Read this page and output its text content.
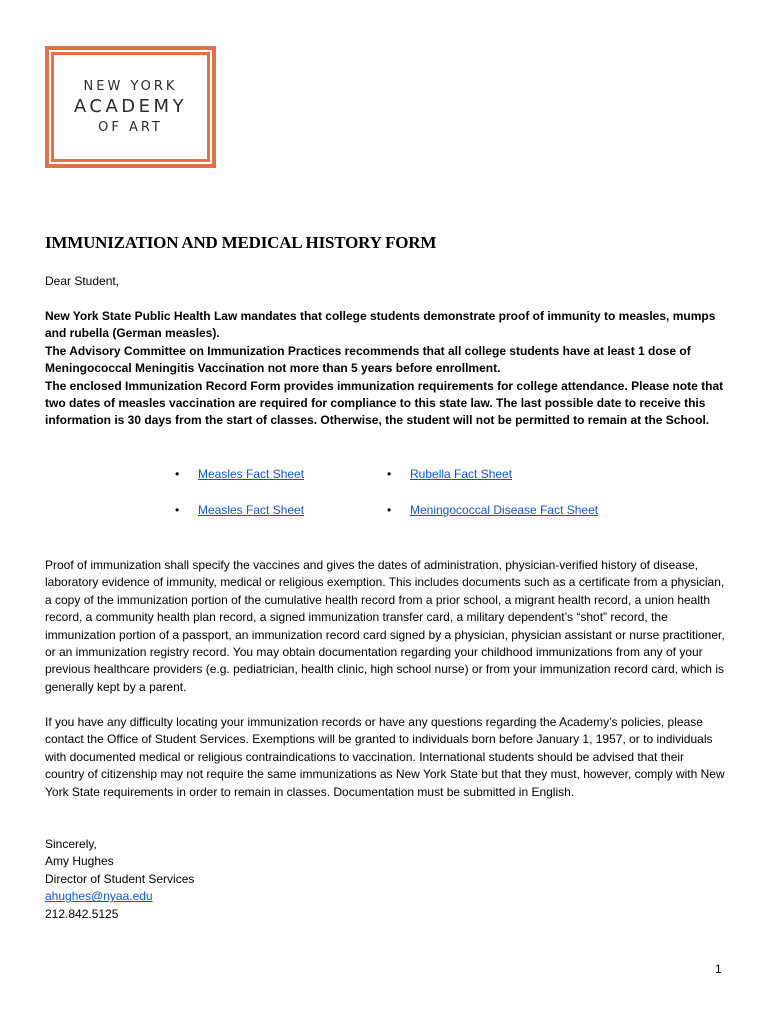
NEW YORK
ACADEMY
OF ART
IMMUNIZATION AND MEDICAL HISTORY FORM

Dear Student,

New York State Public Health Law mandates that college students demonstrate proof of immunity to measles, mumps and rubella (German measles).
The Advisory Committee on Immunization Practices recommends that all college students have at least 1 dose of Meningococcal Meningitis Vaccination not more than 5 years before enrollment.
The enclosed Immunization Record Form provides immunization requirements for college attendance. Please note that two dates of measles vaccination are required for compliance to this state law. The last possible date to receive this information is 30 days from the start of classes. Otherwise, the student will not be permitted to remain at the School.
• Measles Fact Sheet	• Rubella Fact Sheet
• Measles Fact Sheet	• Meningococcal Disease Fact Sheet

Proof of immunization shall specify the vaccines and gives the dates of administration, physician-verified history of disease, laboratory evidence of immunity, medical or religious exemption. This includes documents such as a certificate from a physician, a copy of the immunization portion of the cumulative health record from a prior school, a migrant health record, a union health record, a community health plan record, a signed immunization transfer card, a military dependent’s “shot” record, the immunization portion of a passport, an immunization record card signed by a physician, physician assistant or nurse practitioner, or an immunization registry record. You may obtain documentation regarding your childhood immunizations from any of your previous healthcare providers (e.g. pediatrician, health clinic, high school nurse) or from your immunization record card, which is generally kept by a parent.

If you have any difficulty locating your immunization records or have any questions regarding the Academy’s policies, please contact the Office of Student Services. Exemptions will be granted to individuals born before January 1, 1957, or to individuals with documented medical or religious contraindications to vaccination. International students should be advised that their country of citizenship may not require the same immunizations as New York State but that they must, however, comply with New York State requirements in order to remain in classes. Documentation must be submitted in English.

Sincerely,
Amy Hughes
Director of Student Services
ahughes@nyaa.edu
212.842.5125
1
